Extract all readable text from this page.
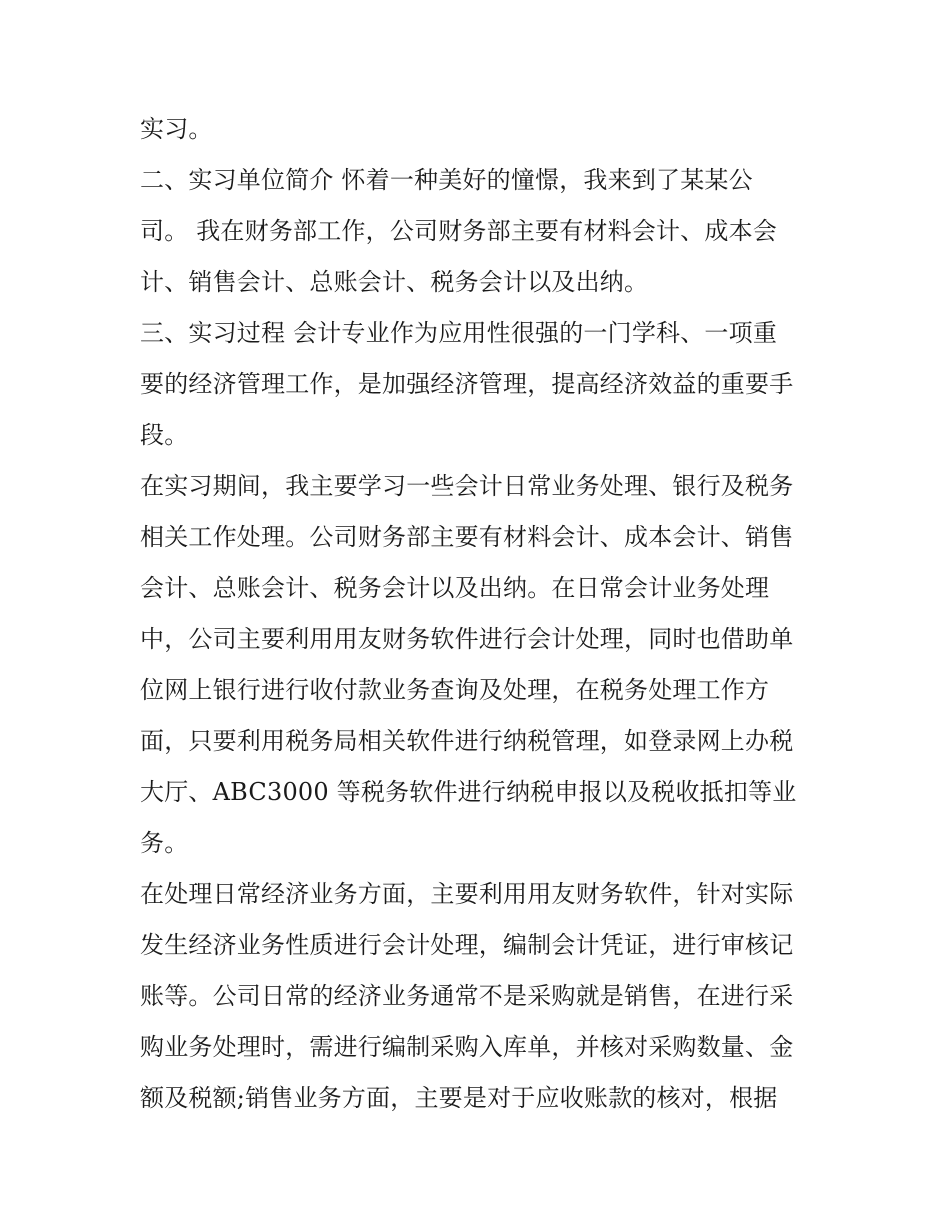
实习。
二、实习单位简介 怀着一种美好的憧憬，我来到了某某公
司。 我在财务部工作，公司财务部主要有材料会计、成本会
计、销售会计、总账会计、税务会计以及出纳。
三、实习过程 会计专业作为应用性很强的一门学科、一项重
要的经济管理工作，是加强经济管理，提高经济效益的重要手
段。
在实习期间，我主要学习一些会计日常业务处理、银行及税务
相关工作处理。公司财务部主要有材料会计、成本会计、销售
会计、总账会计、税务会计以及出纳。在日常会计业务处理
中，公司主要利用用友财务软件进行会计处理，同时也借助单
位网上银行进行收付款业务查询及处理，在税务处理工作方
面，只要利用税务局相关软件进行纳税管理，如登录网上办税
大厅、ABC3000 等税务软件进行纳税申报以及税收抵扣等业
务。
在处理日常经济业务方面，主要利用用友财务软件，针对实际
发生经济业务性质进行会计处理，编制会计凭证，进行审核记
账等。公司日常的经济业务通常不是采购就是销售，在进行采
购业务处理时，需进行编制采购入库单，并核对采购数量、金
额及税额;销售业务方面，主要是对于应收账款的核对，根据
